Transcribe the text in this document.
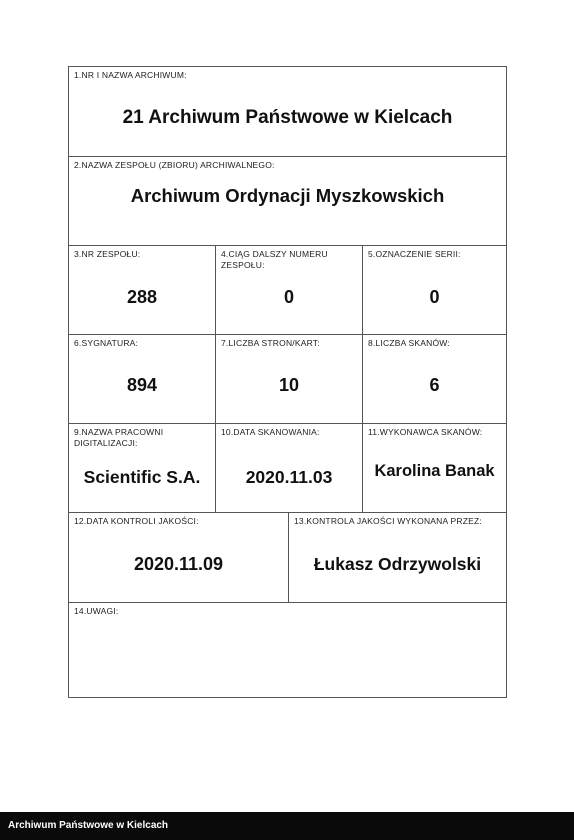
1.NR I NAZWA ARCHIWUM:
21 Archiwum Państwowe w Kielcach
2.NAZWA ZESPOŁU (ZBIORU) ARCHIWALNEGO:
Archiwum Ordynacji Myszkowskich
3.NR ZESPOŁU:
288
4.CIĄG DALSZY NUMERU ZESPOŁU:
0
5.OZNACZENIE SERII:
0
6.SYGNATURA:
894
7.LICZBA STRON/KART:
10
8.LICZBA SKANÓW:
6
9.NAZWA PRACOWNI DIGITALIZACJI:
Scientific S.A.
10.DATA SKANOWANIA:
2020.11.03
11.WYKONAWCA SKANÓW:
Karolina Banak
12.DATA KONTROLI JAKOŚCI:
2020.11.09
13.KONTROLA JAKOŚCI WYKONANA PRZEZ:
Łukasz Odrzywolski
14.UWAGI:
Archiwum Państwowe w Kielcach
